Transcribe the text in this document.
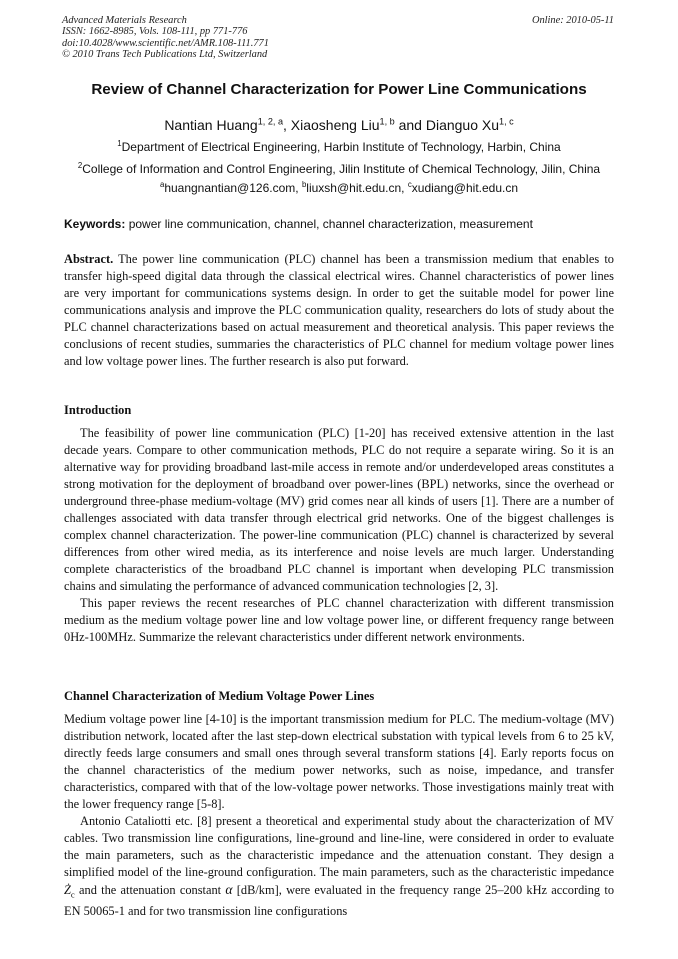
Advanced Materials Research
ISSN: 1662-8985, Vols. 108-111, pp 771-776
doi:10.4028/www.scientific.net/AMR.108-111.771
© 2010 Trans Tech Publications Ltd, Switzerland
Online: 2010-05-11
Review of Channel Characterization for Power Line Communications
Nantian Huang$^{1, 2, a}$, Xiaosheng Liu$^{1, b}$ and Dianguo Xu$^{1, c}$
$^1$Department of Electrical Engineering, Harbin Institute of Technology, Harbin, China
$^2$College of Information and Control Engineering, Jilin Institute of Chemical Technology, Jilin, China
$^a$huangnantian@126.com, $^b$liuxsh@hit.edu.cn, $^c$xudiang@hit.edu.cn
Keywords: power line communication, channel, channel characterization, measurement

Abstract. The power line communication (PLC) channel has been a transmission medium that enables to transfer high-speed digital data through the classical electrical wires. Channel characteristics of power lines are very important for communications systems design. In order to get the suitable model for power line communications analysis and improve the PLC communication quality, researchers do lots of study about the PLC channel characterizations based on actual measurement and theoretical analysis. This paper reviews the conclusions of recent studies, summaries the characteristics of PLC channel for medium voltage power lines and low voltage power lines. The further research is also put forward.

Introduction

The feasibility of power line communication (PLC) [1-20] has received extensive attention in the last decade years. Compare to other communication methods, PLC do not require a separate wiring. So it is an alternative way for providing broadband last-mile access in remote and/or underdeveloped areas constitutes a strong motivation for the deployment of broadband over power-lines (BPL) networks, since the overhead or underground three-phase medium-voltage (MV) grid comes near all kinds of users [1]. There are a number of challenges associated with data transfer through electrical grid networks. One of the biggest challenges is complex channel characterization. The power-line communication (PLC) channel is characterized by several differences from other wired media, as its interference and noise levels are much larger. Understanding complete characteristics of the broadband PLC channel is important when developing PLC transmission chains and simulating the performance of advanced communication technologies [2, 3].

This paper reviews the recent researches of PLC channel characterization with different transmission medium as the medium voltage power line and low voltage power line, or different frequency range between 0Hz-100MHz. Summarize the relevant characteristics under different network environments.

Channel Characterization of Medium Voltage Power Lines

Medium voltage power line [4-10] is the important transmission medium for PLC. The medium-voltage (MV) distribution network, located after the last step-down electrical substation with typical levels from 6 to 25 kV, directly feeds large consumers and small ones through several transform stations [4]. Early reports focus on the channel characteristics of the medium power networks, such as noise, impedance, and transfer characteristics, compared with that of the low-voltage power networks. Those investigations mainly treat with the lower frequency range [5-8].

Antonio Cataliotti etc. [8] present a theoretical and experimental study about the characterization of MV cables. Two transmission line configurations, line-ground and line-line, were considered in order to evaluate the main parameters, such as the characteristic impedance and the attenuation constant. They design a simplified model of the line-ground configuration. The main parameters, such as the characteristic impedance $Ż_c$ and the attenuation constant α [dB/km], were evaluated in the frequency range 25–200 kHz according to EN 50065-1 and for two transmission line configurations
